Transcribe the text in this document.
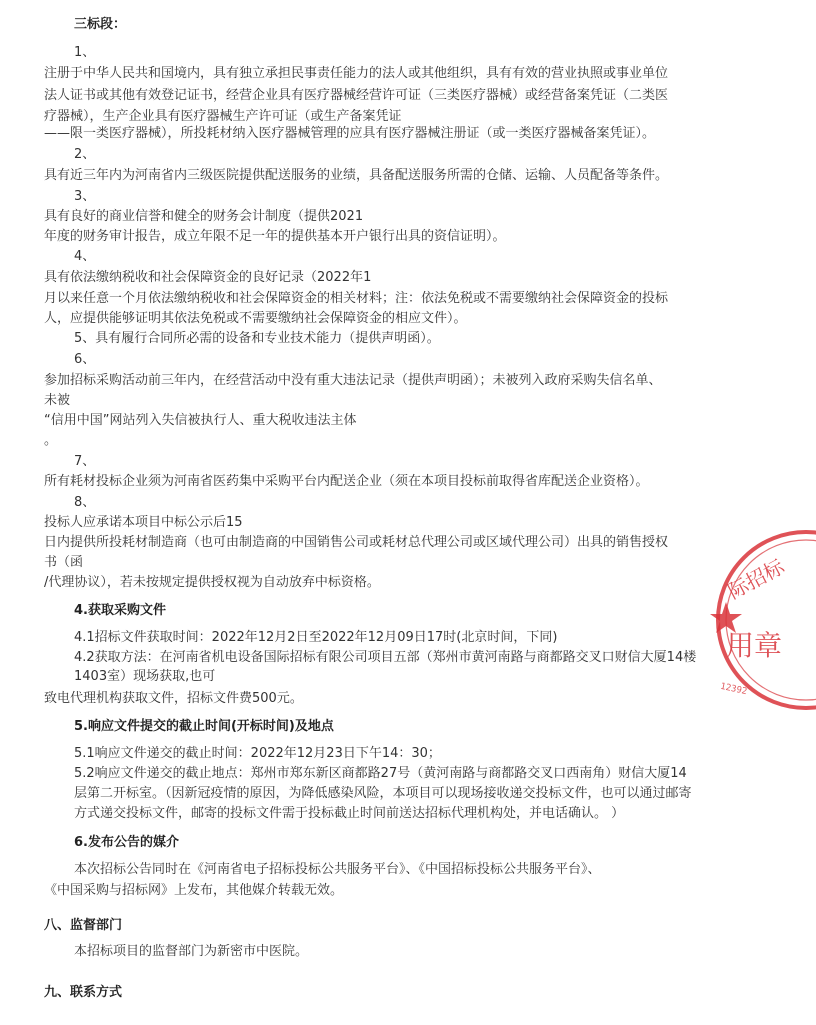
三标段：
1、
注册于中华人民共和国境内，具有独立承担民事责任能力的法人或其他组织，具有有效的营业执照或事业单位
法人证书或其他有效登记证书，经营企业具有医疗器械经营许可证（三类医疗器械）或经营备案凭证（二类医
疗器械），生产企业具有医疗器械生产许可证（或生产备案凭证
——限一类医疗器械），所投耗材纳入医疗器械管理的应具有医疗器械注册证（或一类医疗器械备案凭证）。
2、
具有近三年内为河南省内三级医院提供配送服务的业绩，具备配送服务所需的仓储、运输、人员配备等条件。
3、
具有良好的商业信誉和健全的财务会计制度（提供2021
年度的财务审计报告，成立年限不足一年的提供基本开户银行出具的资信证明）。
4、
具有依法缴纳税收和社会保障资金的良好记录（2022年1
月以来任意一个月依法缴纳税收和社会保障资金的相关材料；注：依法免税或不需要缴纳社会保障资金的投标
人，应提供能够证明其依法免税或不需要缴纳社会保障资金的相应文件）。
5、具有履行合同所必需的设备和专业技术能力（提供声明函）。
6、
参加招标采购活动前三年内，在经营活动中没有重大违法记录（提供声明函）；未被列入政府采购失信名单、
未被
“信用中国”网站列入失信被执行人、重大税收违法主体
。
7、
所有耗材投标企业须为河南省医药集中采购平台内配送企业（须在本项目投标前取得省库配送企业资格）。
8、
投标人应承诺本项目中标公示后15
日内提供所投耗材制造商（也可由制造商的中国销售公司或耗材总代理公司或区域代理公司）出具的销售授权
书（函
/代理协议），若未按规定提供授权视为自动放弃中标资格。
4.获取采购文件
4.1招标文件获取时间：2022年12月2日至2022年12月09日17时(北京时间，下同)
4.2获取方法：在河南省机电设备国际招标有限公司项目五部（郑州市黄河南路与商都路交叉口财信大厦14楼
1403室）现场获取,也可
致电代理机构获取文件，招标文件费500元。
5.响应文件提交的截止时间(开标时间)及地点
5.1响应文件递交的截止时间：2022年12月23日下午14：30；
5.2响应文件递交的截止地点：郑州市郑东新区商都路27号（黄河南路与商都路交叉口西南角）财信大厦14
层第二开标室。（因新冠疫情的原因，为降低感染风险，本项目可以现场接收递交投标文件，也可以通过邮寄
方式递交投标文件，邮寄的投标文件需于投标截止时间前送达招标代理机构处，并电话确认。 ）
6.发布公告的媒介
本次招标公告同时在《河南省电子招标投标公共服务平台》、《中国招标投标公共服务平台》、
《中国采购与招标网》上发布，其他媒介转载无效。
八、监督部门
本招标项目的监督部门为新密市中医院。
九、联系方式
际招标
用章
12392
